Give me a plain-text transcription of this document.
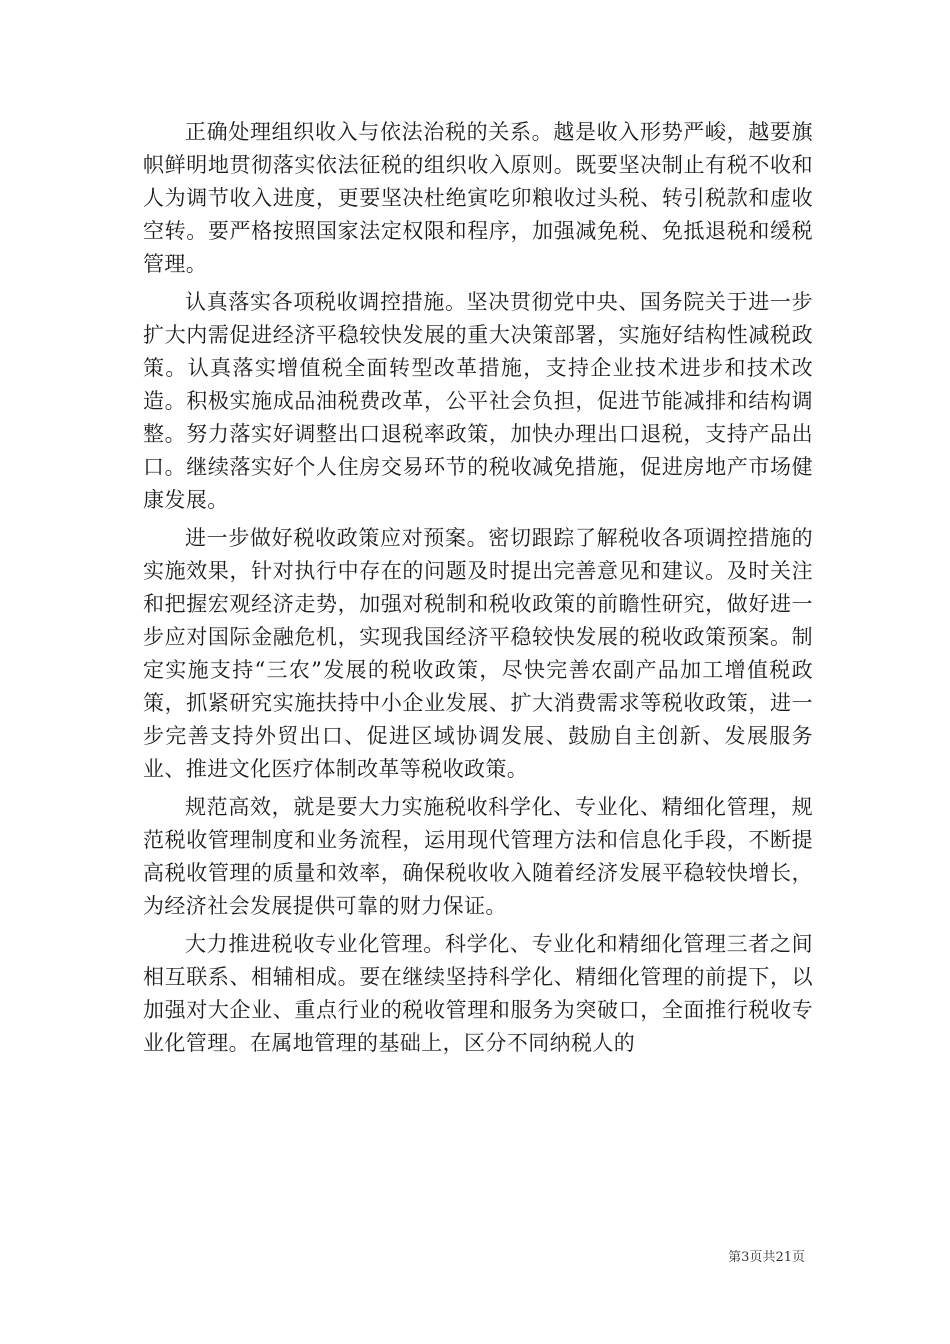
正确处理组织收入与依法治税的关系。越是收入形势严峻，越要旗帜鲜明地贯彻落实依法征税的组织收入原则。既要坚决制止有税不收和人为调节收入进度，更要坚决杜绝寅吃卯粮收过头税、转引税款和虚收空转。要严格按照国家法定权限和程序，加强减免税、免抵退税和缓税管理。

认真落实各项税收调控措施。坚决贯彻党中央、国务院关于进一步扩大内需促进经济平稳较快发展的重大决策部署，实施好结构性减税政策。认真落实增值税全面转型改革措施，支持企业技术进步和技术改造。积极实施成品油税费改革，公平社会负担，促进节能减排和结构调整。努力落实好调整出口退税率政策，加快办理出口退税，支持产品出口。继续落实好个人住房交易环节的税收减免措施，促进房地产市场健康发展。

进一步做好税收政策应对预案。密切跟踪了解税收各项调控措施的实施效果，针对执行中存在的问题及时提出完善意见和建议。及时关注和把握宏观经济走势，加强对税制和税收政策的前瞻性研究，做好进一步应对国际金融危机，实现我国经济平稳较快发展的税收政策预案。制定实施支持“三农”发展的税收政策，尽快完善农副产品加工增值税政策，抓紧研究实施扶持中小企业发展、扩大消费需求等税收政策，进一步完善支持外贸出口、促进区域协调发展、鼓励自主创新、发展服务业、推进文化医疗体制改革等税收政策。

规范高效，就是要大力实施税收科学化、专业化、精细化管理，规范税收管理制度和业务流程，运用现代管理方法和信息化手段，不断提高税收管理的质量和效率，确保税收收入随着经济发展平稳较快增长，为经济社会发展提供可靠的财力保证。

大力推进税收专业化管理。科学化、专业化和精细化管理三者之间相互联系、相辅相成。要在继续坚持科学化、精细化管理的前提下，以加强对大企业、重点行业的税收管理和服务为突破口，全面推行税收专业化管理。在属地管理的基础上，区分不同纳税人的

第3页共21页
